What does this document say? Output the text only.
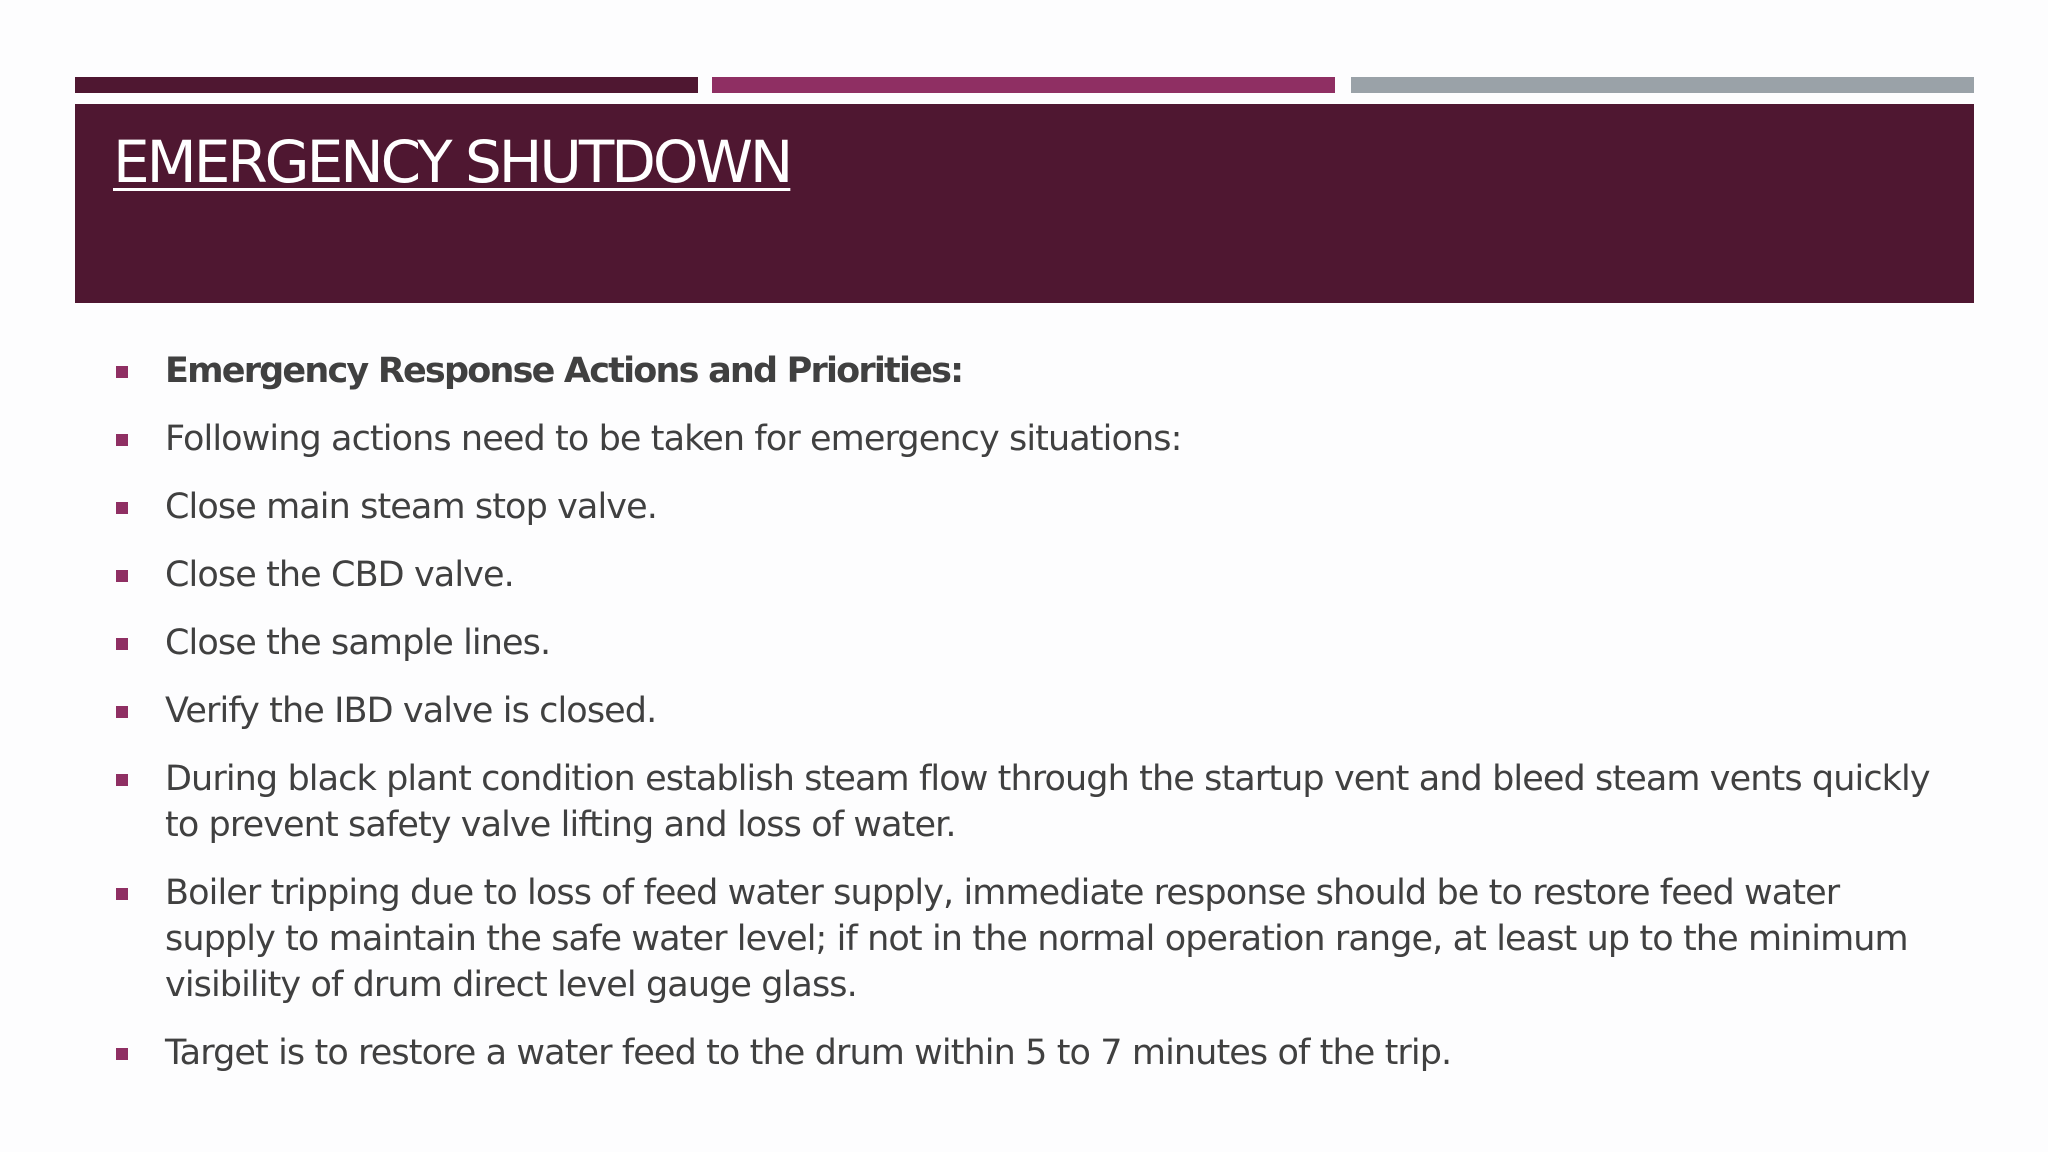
EMERGENCY SHUTDOWN
Emergency Response Actions and Priorities:
Following actions need to be taken for emergency situations:
Close main steam stop valve.
Close the CBD valve.
Close the sample lines.
Verify the IBD valve is closed.
During black plant condition establish steam flow through the startup vent and bleed steam vents quickly to prevent safety valve lifting and loss of water.
Boiler tripping due to loss of feed water supply, immediate response should be to restore feed water supply to maintain the safe water level; if not in the normal operation range, at least up to the minimum visibility of drum direct level gauge glass.
Target is to restore a water feed to the drum within 5 to 7 minutes of the trip.
